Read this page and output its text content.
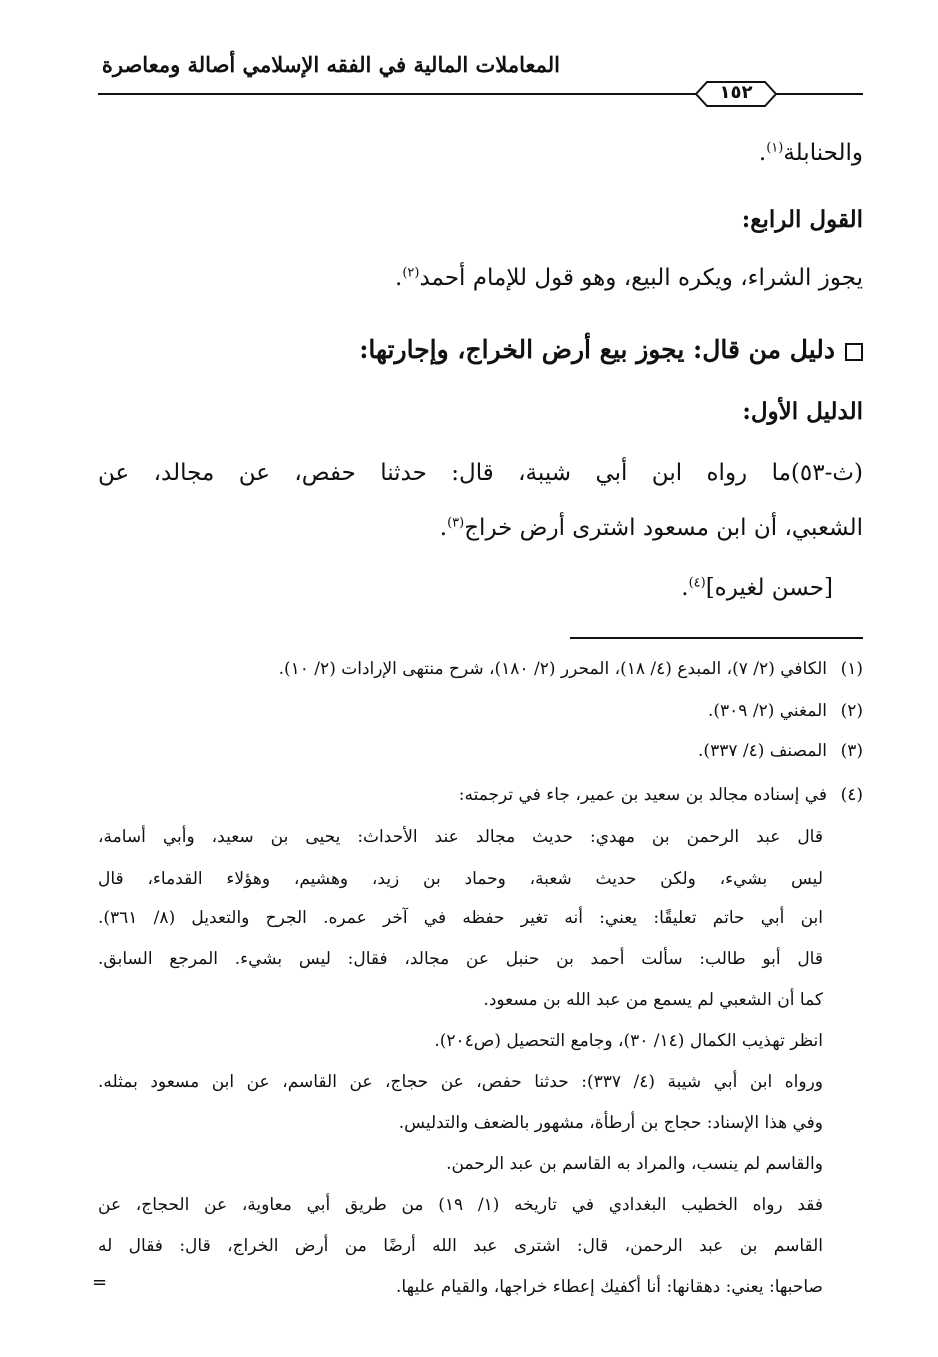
المعاملات المالية في الفقه الإسلامي أصالة ومعاصرة
١٥٢
والحنابلة$^{(١)}$.
القول الرابع:
يجوز الشراء، ويكره البيع، وهو قول للإمام أحمد$^{(٢)}$.
دليل من قال: يجوز بيع أرض الخراج، وإجارتها:
الدليل الأول:
(ث-٥٣)ما رواه ابن أبي شيبة، قال: حدثنا حفص، عن مجالد، عن
الشعبي، أن ابن مسعود اشترى أرض خراج$^{(٣)}$.
[حسن لغيره]$^{(٤)}$.
(١)الكافي (٢/ ٧)، المبدع (٤/ ١٨)، المحرر (٢/ ١٨٠)، شرح منتهى الإرادات (٢/ ١٠).
(٢)المغني (٢/ ٣٠٩).
(٣)المصنف (٤/ ٣٣٧).
(٤)في إسناده مجالد بن سعيد بن عمير، جاء في ترجمته:
قال عبد الرحمن بن مهدي: حديث مجالد عند الأحداث: يحيى بن سعيد، وأبي أسامة،
ليس بشيء، ولكن حديث شعبة، وحماد بن زيد، وهشيم، وهؤلاء القدماء، قال
ابن أبي حاتم تعليقًا: يعني: أنه تغير حفظه في آخر عمره. الجرح والتعديل (٨/ ٣٦١).
قال أبو طالب: سألت أحمد بن حنبل عن مجالد، فقال: ليس بشيء. المرجع السابق.
كما أن الشعبي لم يسمع من عبد الله بن مسعود.
انظر تهذيب الكمال (١٤/ ٣٠)، وجامع التحصيل (ص٢٠٤).
ورواه ابن أبي شيبة (٤/ ٣٣٧): حدثنا حفص، عن حجاج، عن القاسم، عن ابن مسعود بمثله.
وفي هذا الإسناد: حجاج بن أرطأة، مشهور بالضعف والتدليس.
والقاسم لم ينسب، والمراد به القاسم بن عبد الرحمن.
فقد رواه الخطيب البغدادي في تاريخه (١/ ١٩) من طريق أبي معاوية، عن الحجاج، عن
القاسم بن عبد الرحمن، قال: اشترى عبد الله أرضًا من أرض الخراج، قال: فقال له
صاحبها: يعني: دهقانها: أنا أكفيك إعطاء خراجها، والقيام عليها.
=
